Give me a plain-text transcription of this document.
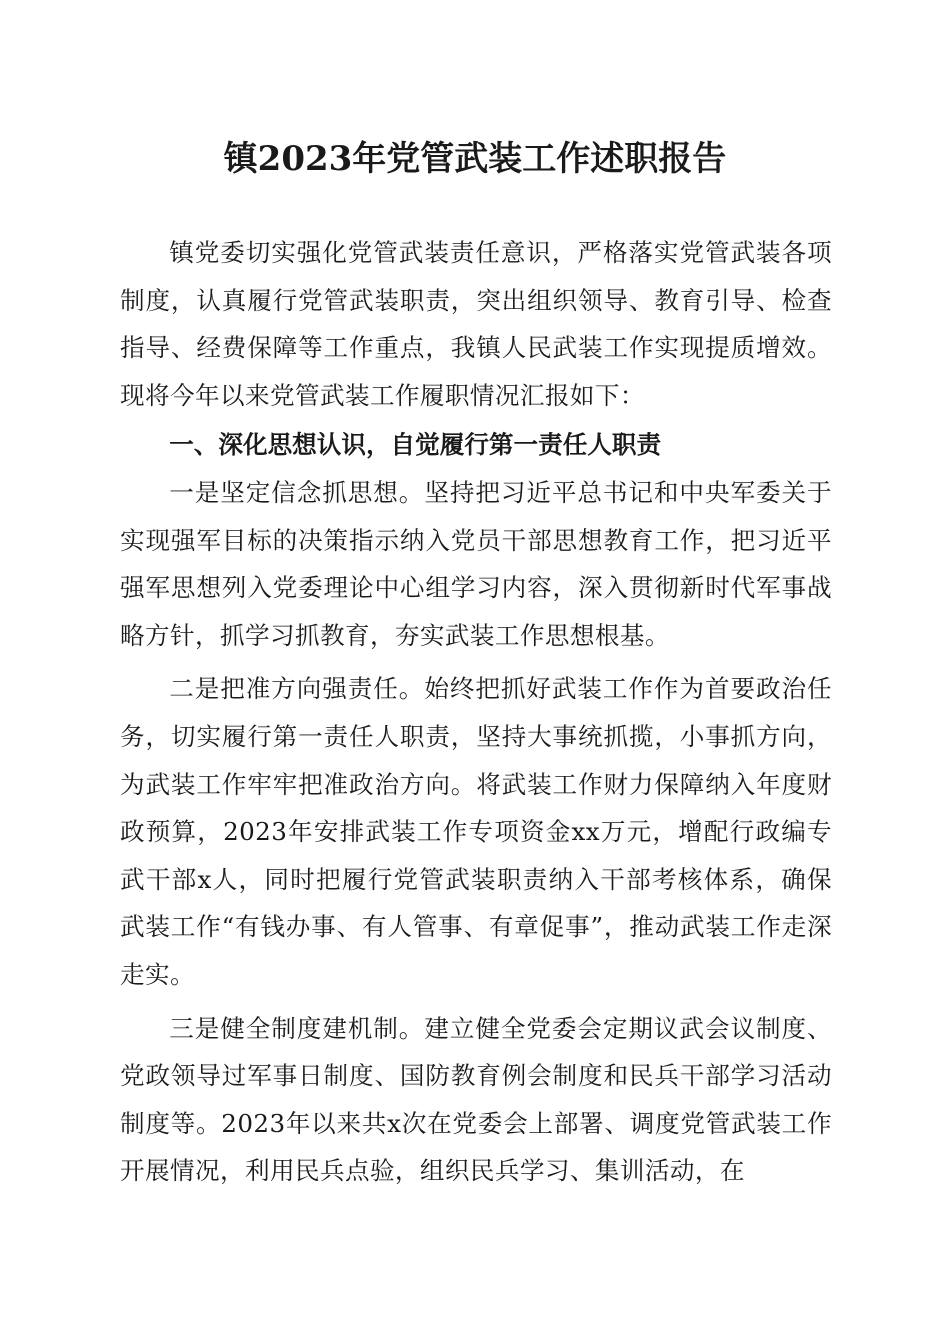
镇2023年党管武装工作述职报告

镇党委切实强化党管武装责任意识，严格落实党管武装各项制度，认真履行党管武装职责，突出组织领导、教育引导、检查指导、经费保障等工作重点，我镇人民武装工作实现提质增效。现将今年以来党管武装工作履职情况汇报如下：

一、深化思想认识，自觉履行第一责任人职责

一是坚定信念抓思想。坚持把习近平总书记和中央军委关于实现强军目标的决策指示纳入党员干部思想教育工作，把习近平强军思想列入党委理论中心组学习内容，深入贯彻新时代军事战略方针，抓学习抓教育，夯实武装工作思想根基。

二是把准方向强责任。始终把抓好武装工作作为首要政治任务，切实履行第一责任人职责，坚持大事统抓揽，小事抓方向，为武装工作牢牢把准政治方向。将武装工作财力保障纳入年度财政预算，2023年安排武装工作专项资金xx万元，增配行政编专武干部x人，同时把履行党管武装职责纳入干部考核体系，确保武装工作“有钱办事、有人管事、有章促事”，推动武装工作走深走实。

三是健全制度建机制。建立健全党委会定期议武会议制度、党政领导过军事日制度、国防教育例会制度和民兵干部学习活动制度等。2023年以来共x次在党委会上部署、调度党管武装工作开展情况，利用民兵点验，组织民兵学习、集训活动，在
